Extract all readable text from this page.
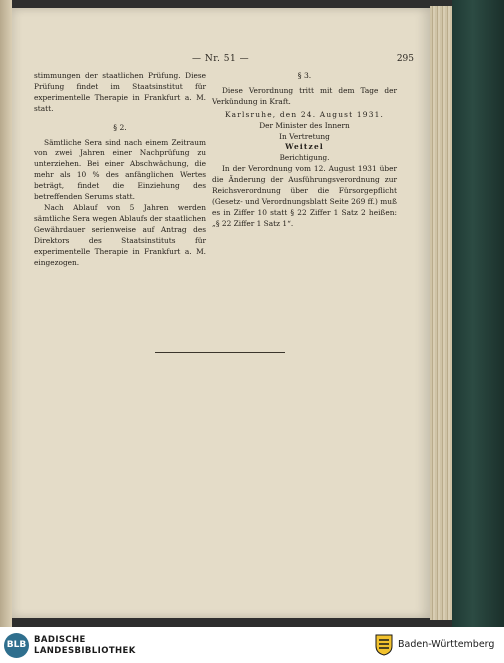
— Nr. 51 —	295

stimmungen der staatlichen Prüfung. Diese Prüfung findet im Staatsinstitut für experimentelle Therapie in Frankfurt a. M. statt.

§ 2.

Sämtliche Sera sind nach einem Zeitraum von zwei Jahren einer Nachprüfung zu unterziehen. Bei einer Abschwächung, die mehr als 10 % des anfänglichen Wertes beträgt, findet die Einziehung des betreffenden Serums statt.

Nach Ablauf von 5 Jahren werden sämtliche Sera wegen Ablaufs der staatlichen Gewährdauer serienweise auf Antrag des Direktors des Staatsinstituts für experimentelle Therapie in Frankfurt a. M. eingezogen.

§ 3.

Diese Verordnung tritt mit dem Tage der Verkündung in Kraft.

Karlsruhe, den 24. August 1931.

Der Minister des Innern

In Vertretung

Weitzel

Berichtigung.

In der Verordnung vom 12. August 1931 über die Änderung der Ausführungsverordnung zur Reichsverordnung über die Fürsorgepflicht (Gesetz- und Verordnungsblatt Seite 269 ff.) muß es in Ziffer 10 statt § 22 Ziffer 1 Satz 2 heißen: „§ 22 Ziffer 1 Satz 1“.

BLB BADISCHE
LANDESBIBLIOTHEK
Baden-Württemberg
